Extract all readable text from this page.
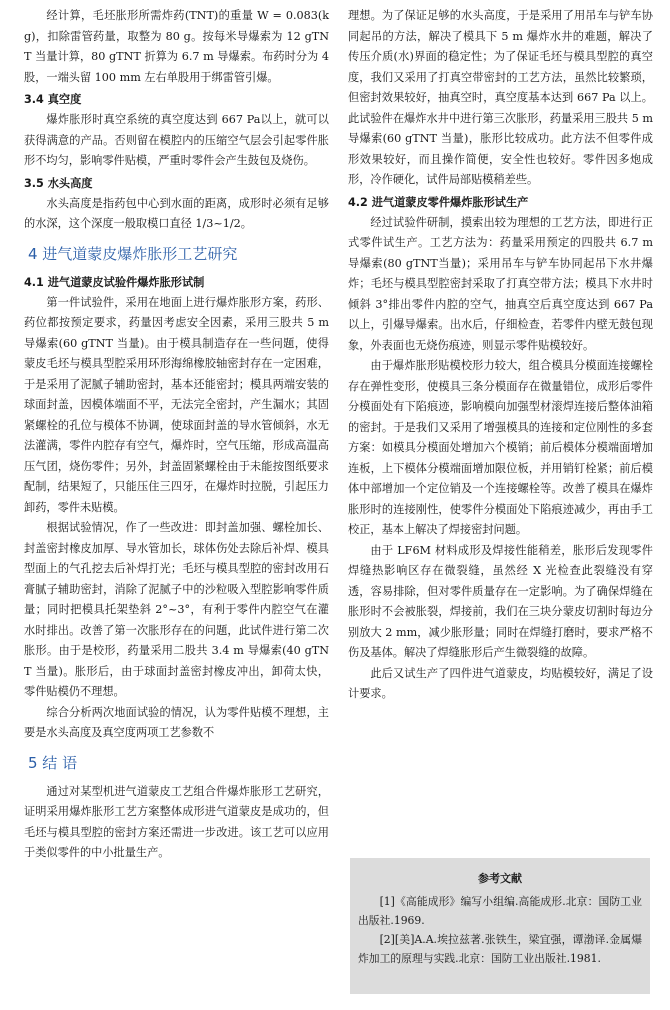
经计算，毛坯胀形所需炸药(TNT)的重量 W = 0.083(kg)，扣除雷管药量，取整为 80 g。按每米导爆索为 12 gTNT 当量计算，80 gTNT 折算为 6.7 m 导爆索。布药时分为 4 股，一端头留 100 mm 左右单股用于绑雷管引爆。

3.4 真空度

爆炸胀形时真空系统的真空度达到 667 Pa以上，就可以获得满意的产品。否则留在模腔内的压缩空气层会引起零件胀形不均匀，影响零件贴模，严重时零件会产生鼓包及烧伤。

3.5 水头高度

水头高度是指药包中心到水面的距离，成形时必须有足够的水深，这个深度一般取模口直径 1/3~1/2。

4 进气道蒙皮爆炸胀形工艺研究
4.1 进气道蒙皮试验件爆炸胀形试制

第一件试验件，采用在地面上进行爆炸胀形方案，药形、药位都按预定要求，药量因考虑安全因素，采用三股共 5 m 导爆索(60 gTNT 当量)。由于模具制造存在一些问题，使得蒙皮毛坯与模具型腔采用环形海绵橡胶轴密封存在一定困难，于是采用了泥腻子辅助密封，基本还能密封；模具两端安装的球面封盖，因模体端面不平，无法完全密封，产生漏水；其固紧螺栓的孔位与模体不协调，使球面封盖的导水管倾斜，水无法灌满，零件内腔存有空气，爆炸时，空气压缩，形成高温高压气团，烧伤零件；另外，封盖固紧螺栓由于未能按图纸要求配制，结果短了，只能压住三四牙，在爆炸时拉脱，引起压力卸药，零件未贴模。

根据试验情况，作了一些改进：即封盖加强、螺栓加长、封盖密封橡皮加厚、导水管加长，球体伤处去除后补焊、模具型面上的气孔挖去后补焊打光；毛坯与模具型腔的密封改用石膏腻子辅助密封，消除了泥腻子中的沙粒吸入型腔影响零件质量；同时把模具托架垫斜 2°~3°，有利于零件内腔空气在灌水时排出。改善了第一次胀形存在的问题，此试件进行第二次胀形。由于是校形，药量采用二股共 3.4 m 导爆索(40 gTNT 当量)。胀形后，由于球面封盖密封橡皮冲出，卸荷太快，零件贴模仍不理想。

综合分析两次地面试验的情况，认为零件贴模不理想，主要是水头高度及真空度两项工艺参数不

5 结 语

通过对某型机进气道蒙皮工艺组合件爆炸胀形工艺研究，证明采用爆炸胀形工艺方案整体成形进气道蒙皮是成功的，但毛坯与模具型腔的密封方案还需进一步改进。该工艺可以应用于类似零件的中小批量生产。

理想。为了保证足够的水头高度，于是采用了用吊车与铲车协同起吊的方法，解决了模具下 5 m 爆炸水井的难题，解决了传压介质(水)界面的稳定性；为了保证毛坯与模具型腔的真空度，我们又采用了打真空带密封的工艺方法，虽然比较繁琐，但密封效果较好，抽真空时，真空度基本达到 667 Pa 以上。此试验件在爆炸水井中进行第三次胀形，药量采用三股共 5 m 导爆索(60 gTNT 当量)，胀形比较成功。此方法不但零件成形效果较好，而且操作简便，安全性也较好。零件因多炮成形，冷作硬化，试件局部贴模稍差些。

4.2 进气道蒙皮零件爆炸胀形试生产

经过试验件研制，摸索出较为理想的工艺方法，即进行正式零件试生产。工艺方法为：药量采用预定的四股共 6.7 m 导爆索(80 gTNT当量)；采用吊车与铲车协同起吊下水井爆炸；毛坯与模具型腔密封采取了打真空带方法；模具下水井时倾斜 3°排出零件内腔的空气，抽真空后真空度达到 667 Pa 以上，引爆导爆索。出水后，仔细检查，若零件内壁无鼓包现象，外表面也无烧伤痕迹，则显示零件贴模较好。

由于爆炸胀形贴模校形力较大，组合模具分模面连接螺栓存在弹性变形，使模具三条分模面存在微量错位，成形后零件分模面处有下陷痕迹，影响模向加强型材滚焊连接后整体油箱的密封。于是我们又采用了增强模具的连接和定位刚性的多套方案：如模具分模面处增加六个模销；前后模体分模端面增加连板，上下模体分模端面增加限位板，并用销钉栓紧；前后模体中部增加一个定位销及一个连接螺栓等。改善了模具在爆炸胀形时的连接刚性，使零件分模面处下陷痕迹减少，再由手工校正，基本上解决了焊接密封问题。

由于 LF6M 材料成形及焊接性能稍差，胀形后发现零件焊缝热影响区存在微裂缝，虽然经 X 光检查此裂缝没有穿透，容易排除，但对零件质量存在一定影响。为了确保焊缝在胀形时不会被胀裂，焊接前，我们在三块分蒙皮切割时每边分别放大 2 mm，减少胀形量；同时在焊缝打磨时，要求严格不伤及基体。解决了焊缝胀形后产生微裂缝的故障。

此后又试生产了四件进气道蒙皮，均贴模较好，满足了设计要求。

参考文献

[1]《高能成形》编写小组编.高能成形.北京：国防工业出版社.1969.

[2][美]A.A.埃拉兹著.张铁生，梁宜强，谭渤译.金属爆炸加工的原理与实践.北京：国防工业出版社.1981.
